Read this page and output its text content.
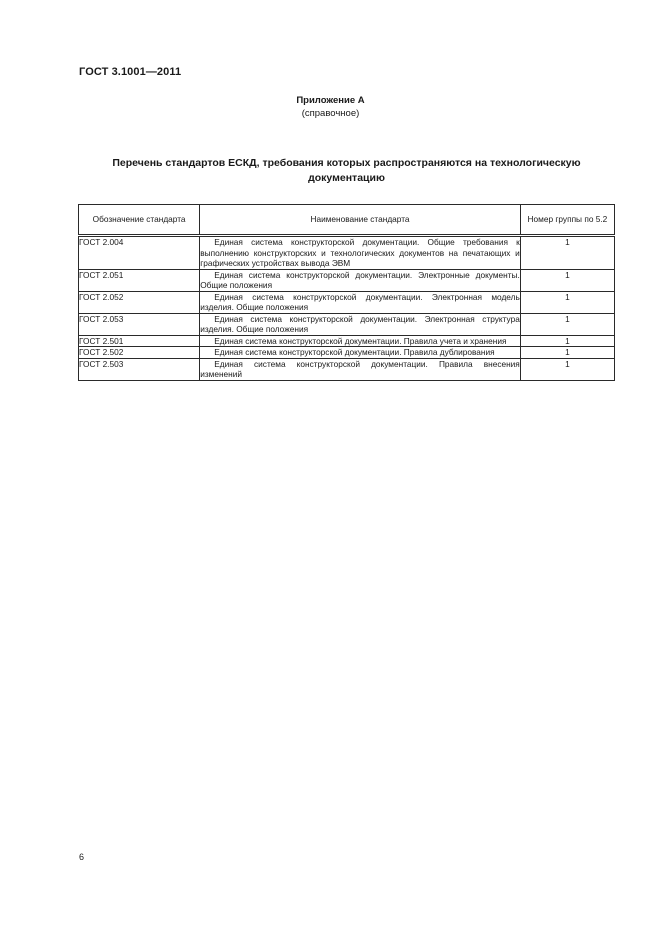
ГОСТ 3.1001—2011
Приложение А
(справочное)
Перечень стандартов ЕСКД, требования которых распространяются на технологическую
документацию
Обозначение стандарта	Наименование стандарта	Номер группы по 5.2
ГОСТ 2.004	Единая система конструкторской документации. Общие требования к выполнению конструкторских и технологических документов на печатающих и графических устройствах вывода ЭВМ	1
ГОСТ 2.051	Единая система конструкторской документации. Электронные документы. Общие положения	1
ГОСТ 2.052	Единая система конструкторской документации. Электронная модель изделия. Общие положения	1
ГОСТ 2.053	Единая система конструкторской документации. Электронная структура изделия. Общие положения	1
ГОСТ 2.501	Единая система конструкторской документации. Правила учета и хранения	1
ГОСТ 2.502	Единая система конструкторской документации. Правила дублирования	1
ГОСТ 2.503	Единая система конструкторской документации. Правила внесения изменений	1
6
